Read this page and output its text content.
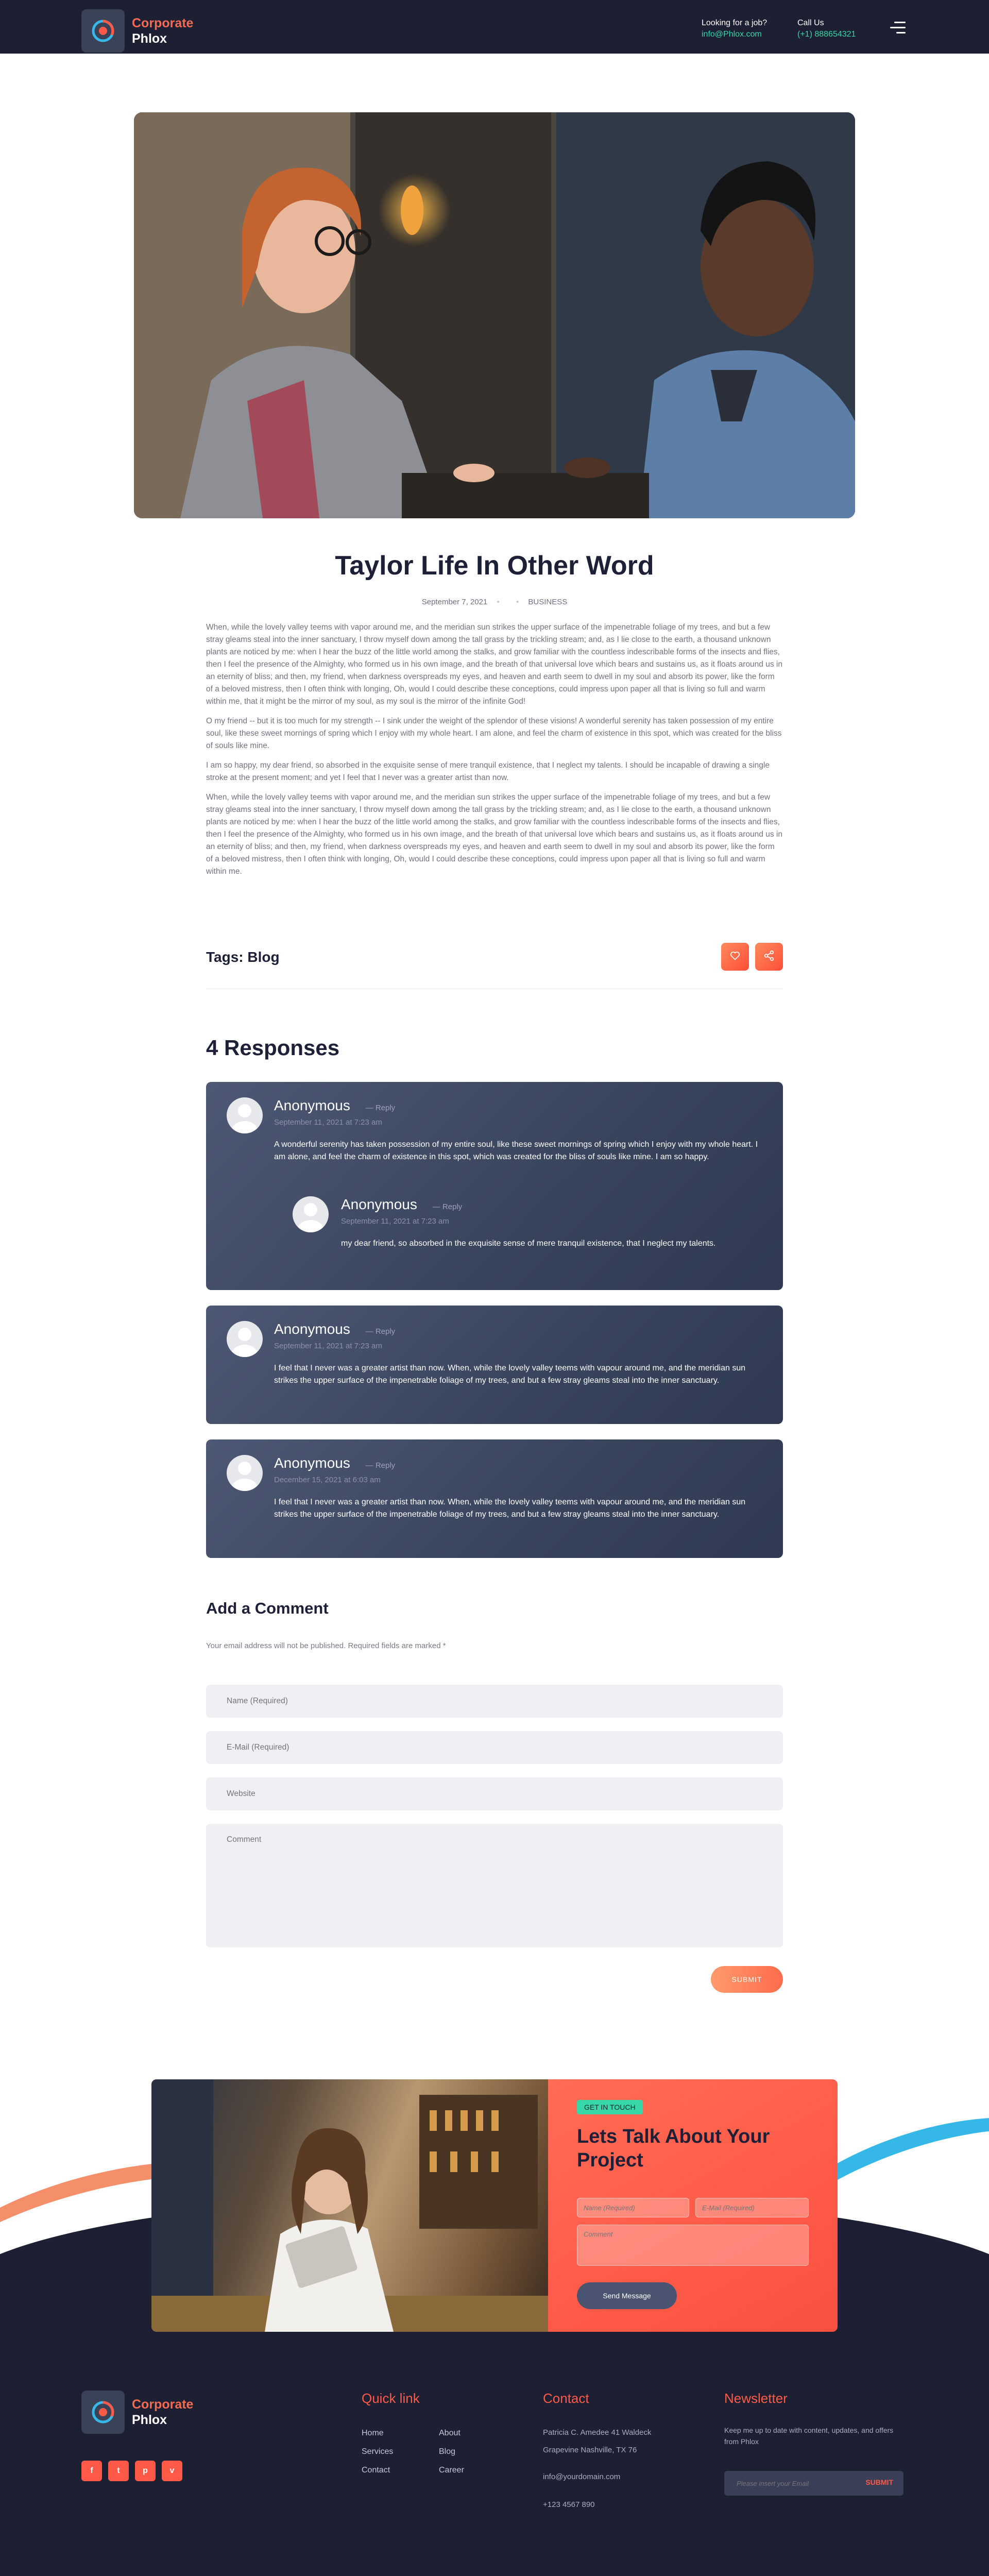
Corporate
Phlox
Looking for a job?
info@Phlox.com
Call Us
(+1) 888654321
Taylor Life In Other Word
September 7, 2021 • • BUSINESS

When, while the lovely valley teems with vapor around me, and the meridian sun strikes the upper surface of the impenetrable foliage of my trees, and but a few stray gleams steal into the inner sanctuary, I throw myself down among the tall grass by the trickling stream; and, as I lie close to the earth, a thousand unknown plants are noticed by me: when I hear the buzz of the little world among the stalks, and grow familiar with the countless indescribable forms of the insects and flies, then I feel the presence of the Almighty, who formed us in his own image, and the breath of that universal love which bears and sustains us, as it floats around us in an eternity of bliss; and then, my friend, when darkness overspreads my eyes, and heaven and earth seem to dwell in my soul and absorb its power, like the form of a beloved mistress, then I often think with longing, Oh, would I could describe these conceptions, could impress upon paper all that is living so full and warm within me, that it might be the mirror of my soul, as my soul is the mirror of the infinite God!

O my friend -- but it is too much for my strength -- I sink under the weight of the splendor of these visions! A wonderful serenity has taken possession of my entire soul, like these sweet mornings of spring which I enjoy with my whole heart. I am alone, and feel the charm of existence in this spot, which was created for the bliss of souls like mine.

I am so happy, my dear friend, so absorbed in the exquisite sense of mere tranquil existence, that I neglect my talents. I should be incapable of drawing a single stroke at the present moment; and yet I feel that I never was a greater artist than now.

When, while the lovely valley teems with vapor around me, and the meridian sun strikes the upper surface of the impenetrable foliage of my trees, and but a few stray gleams steal into the inner sanctuary, I throw myself down among the tall grass by the trickling stream; and, as I lie close to the earth, a thousand unknown plants are noticed by me: when I hear the buzz of the little world among the stalks, and grow familiar with the countless indescribable forms of the insects and flies, then I feel the presence of the Almighty, who formed us in his own image, and the breath of that universal love which bears and sustains us, as it floats around us in an eternity of bliss; and then, my friend, when darkness overspreads my eyes, and heaven and earth seem to dwell in my soul and absorb its power, like the form of a beloved mistress, then I often think with longing, Oh, would I could describe these conceptions, could impress upon paper all that is living so full and warm within me.

Tags: Blog
4 Responses
Anonymous — Reply
September 11, 2021 at 7:23 am
A wonderful serenity has taken possession of my entire soul, like these sweet mornings of spring which I enjoy with my whole heart. I am alone, and feel the charm of existence in this spot, which was created for the bliss of souls like mine. I am so happy.
Anonymous — Reply
September 11, 2021 at 7:23 am
my dear friend, so absorbed in the exquisite sense of mere tranquil existence, that I neglect my talents.
Anonymous — Reply
September 11, 2021 at 7:23 am
I feel that I never was a greater artist than now. When, while the lovely valley teems with vapour around me, and the meridian sun strikes the upper surface of the impenetrable foliage of my trees, and but a few stray gleams steal into the inner sanctuary.
Anonymous — Reply
December 15, 2021 at 6:03 am
I feel that I never was a greater artist than now. When, while the lovely valley teems with vapour around me, and the meridian sun strikes the upper surface of the impenetrable foliage of my trees, and but a few stray gleams steal into the inner sanctuary.
Add a Comment

Your email address will not be published. Required fields are marked *

Name (Required)
E-Mail (Required)
Website
Comment
SUBMIT
GET IN TOUCH
Lets Talk About Your Project
Name (Required)
E-Mail (Required)
Comment
Send Message
Corporate
Phlox
f	t	p	v
Quick link
Home
Services
Contact
About
Blog
Career
Contact
Patricia C. Amedee 41 Waldeck
Grapevine Nashville, TX 76
info@yourdomain.com
+123 4567 890
Newsletter
Keep me up to date with content, updates, and offers from Phlox
Please insert your Email
SUBMIT
